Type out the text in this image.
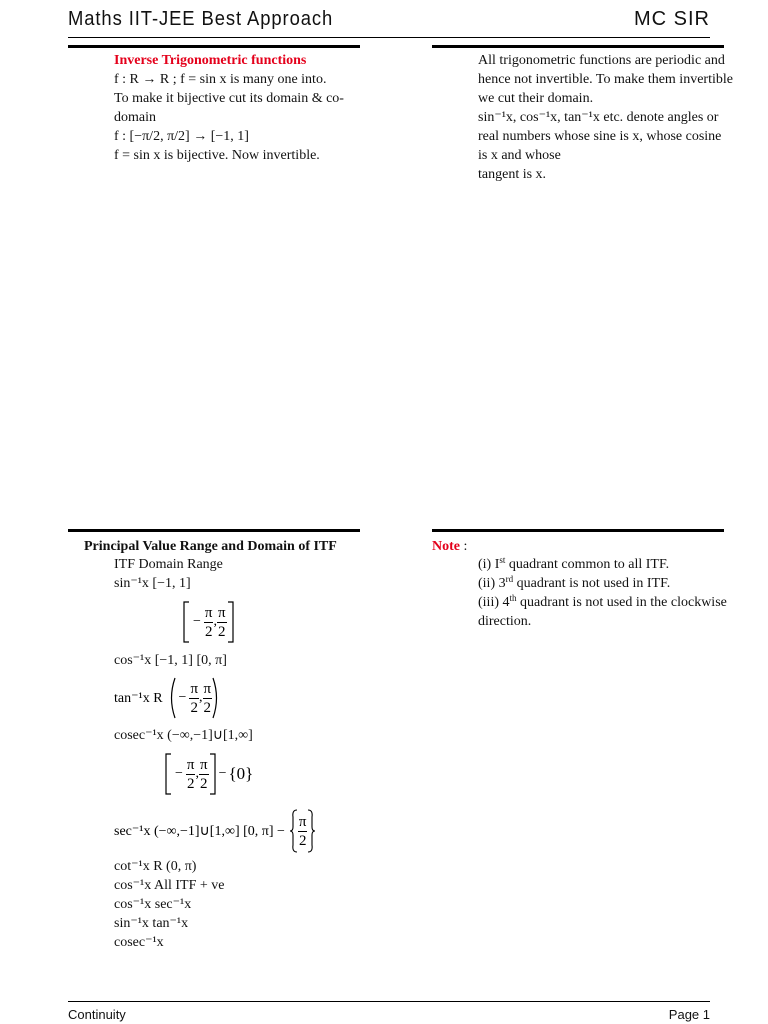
Maths IIT-JEE Best Approach	MC SIR
Inverse Trigonometric functions
f : R → R ; f = sin x is many one into.
To make it bijective cut its domain & co-
domain
f : [−π/2, π/2] → [−1, 1]
f = sin x is bijective. Now invertible.
All trigonometric functions are periodic and
hence not invertible. To make them invertible
we cut their domain.
sin⁻¹x, cos⁻¹x, tan⁻¹x etc. denote angles or
real numbers whose sine is x, whose cosine
is x and whose
tangent is x.
Principal Value Range and Domain of ITF
ITF Domain Range
sin⁻¹x [−1, 1]
− $\frac{\pi}{2}$ , $\frac{\pi}{2}$
cos⁻¹x [−1, 1] [0, π]
tan⁻¹x $R - \frac{\pi}{2}$ , $\frac{\pi}{2}$
cosec⁻¹x (−∞,−1]∪[1,∞]
− $\frac{\pi}{2}$ , $\frac{\pi}{2} - \{0\}$
sec⁻¹x (−∞,−1]∪[1,∞] [0, $\pi] - \frac{\pi}{2}$
cot⁻¹x R (0, π)
cos⁻¹x All ITF + ve
cos⁻¹x sec⁻¹x
sin⁻¹x tan⁻¹x
cosec⁻¹x
Note :
(i) Ist quadrant common to all ITF.
(ii) 3rd quadrant is not used in ITF.
(iii) 4th quadrant is not used in the clockwise
direction.
Continuity	Page 1
